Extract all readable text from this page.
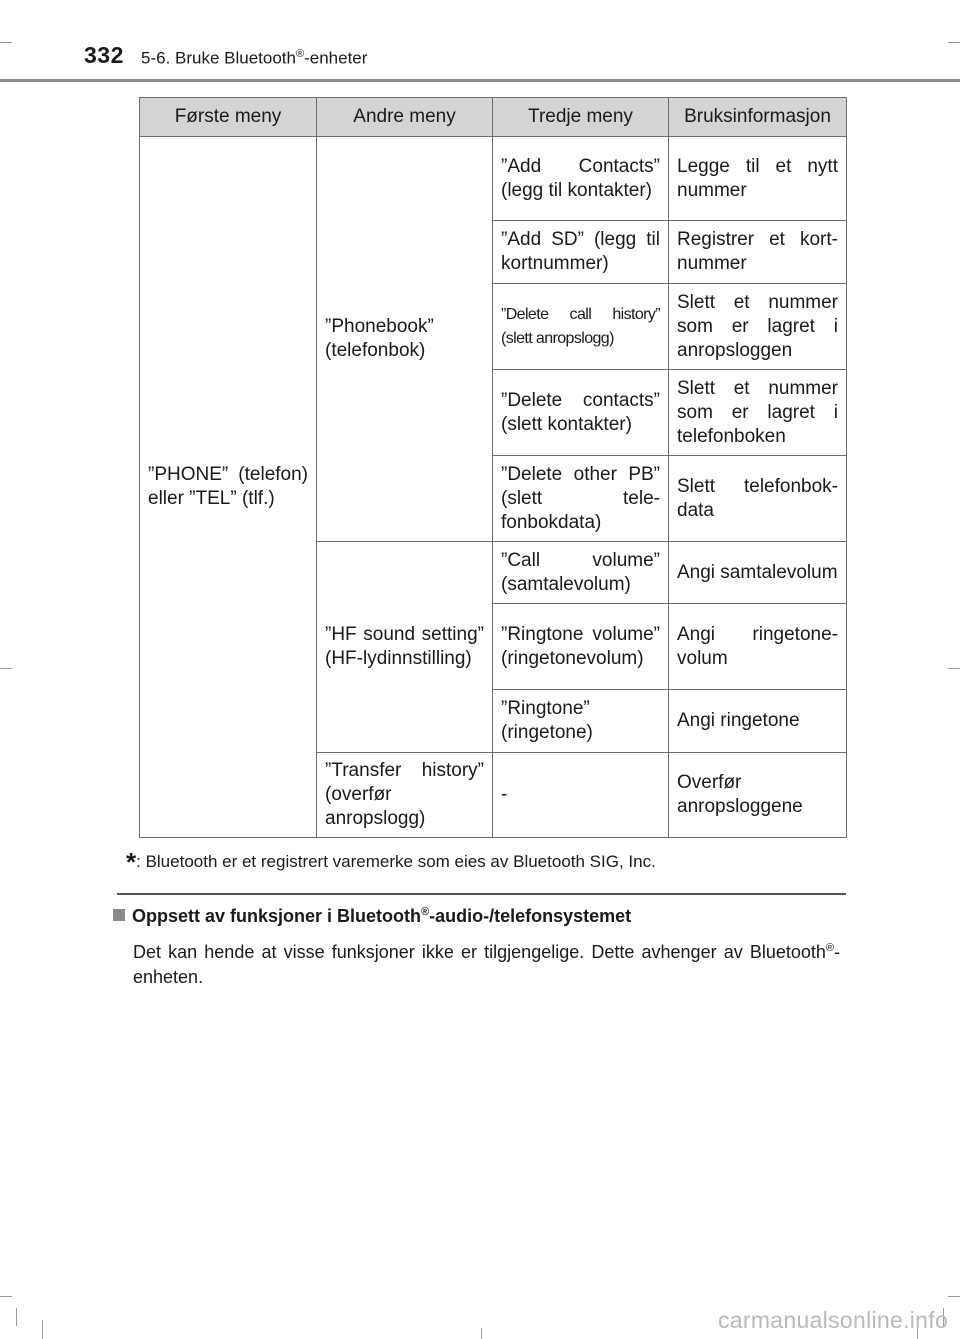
332 5-6. Bruke Bluetooth®-enheter
Første meny	Andre meny	Tredje meny	Bruksinformasjon
”PHONE” (telefon) eller ”TEL” (tlf.)	”Phonebook” (telefonbok)	”Add Contacts” (legg til kontakter)	Legge til et nytt nummer
		”Add SD” (legg til kortnummer)	Registrer et kortnummer
		”Delete call history” (slett anropslogg)	Slett et nummer som er lagret i anropsloggen
		”Delete contacts” (slett kontakter)	Slett et nummer som er lagret i telefonboken
		”Delete other PB” (slett telefonbokdata)	Slett telefonbokdata
	”HF sound setting” (HF-lydinnstilling)	”Call volume” (samtalevolum)	Angi samtalevolum
		”Ringtone volume” (ringetonevolum)	Angi ringetonevolum
		”Ringtone” (ringetone)	Angi ringetone
	”Transfer history” (overfør anropslogg)	-	Overfør anropsloggene
*: Bluetooth er et registrert varemerke som eies av Bluetooth SIG, Inc.
Oppsett av funksjoner i Bluetooth®-audio-/telefonsystemet
Det kan hende at visse funksjoner ikke er tilgjengelige. Dette avhenger av Bluetooth®-enheten.
carmanualsonline.info
